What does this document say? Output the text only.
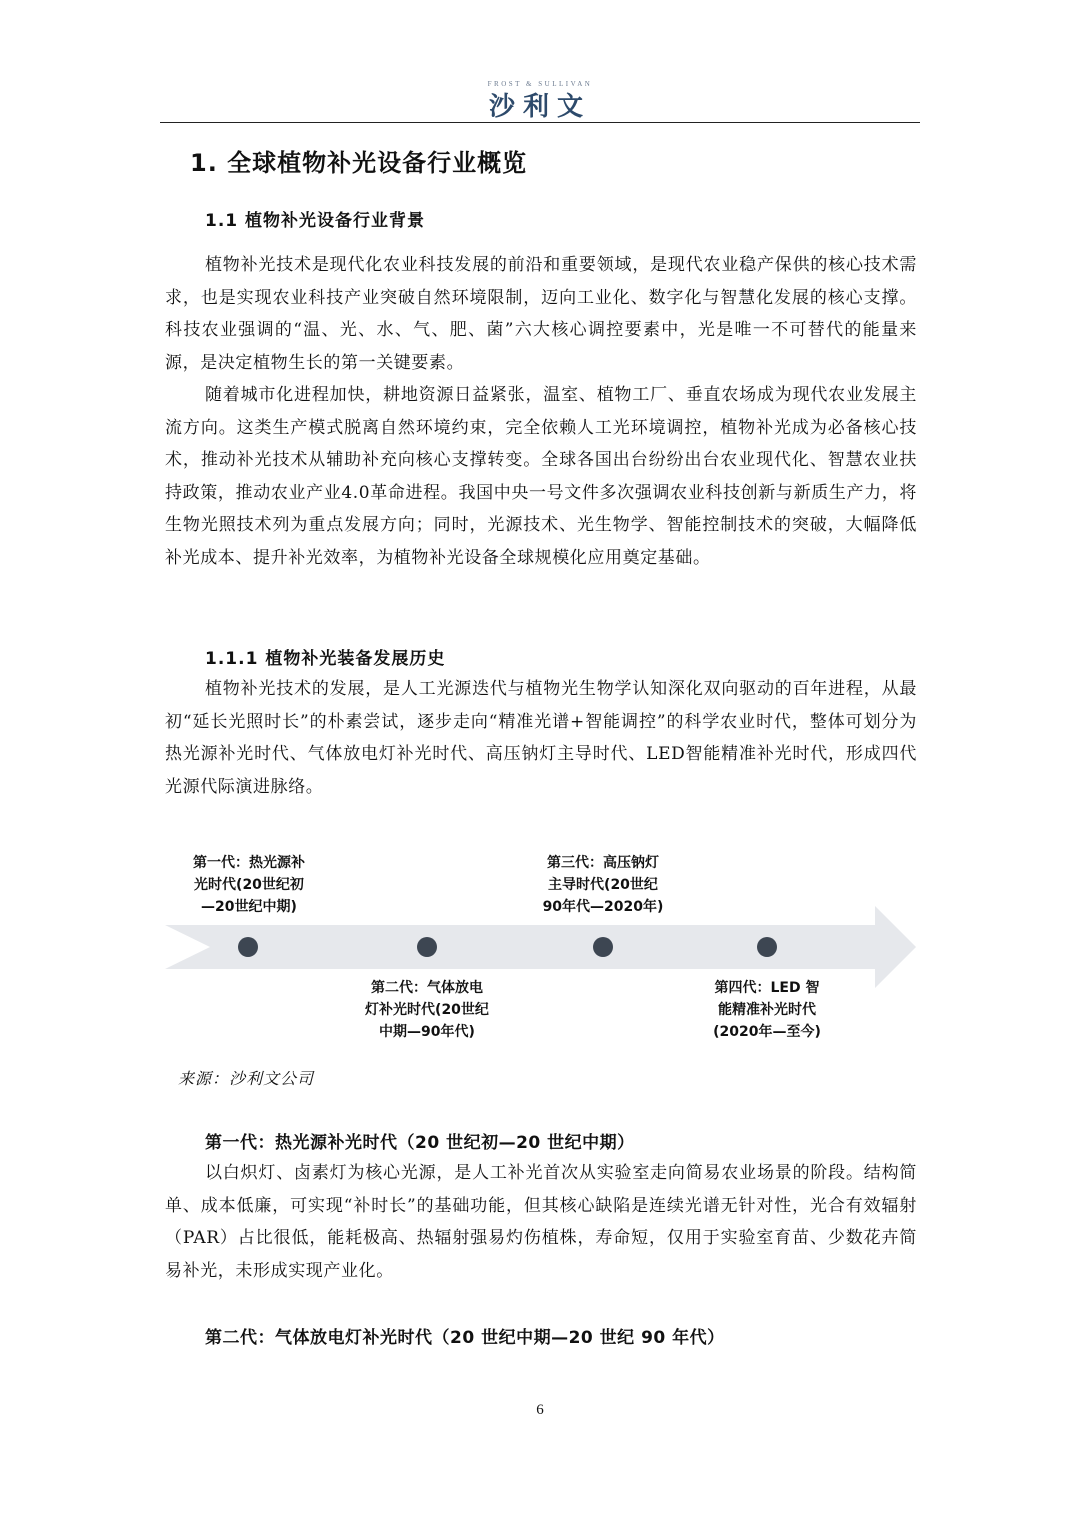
FROST & SULLIVAN
沙利文
1. 全球植物补光设备行业概览
1.1 植物补光设备行业背景

植物补光技术是现代化农业科技发展的前沿和重要领域，是现代农业稳产保供的核心技术需求，也是实现农业科技产业突破自然环境限制，迈向工业化、数字化与智慧化发展的核心支撑。科技农业强调的“温、光、水、气、肥、菌”六大核心调控要素中，光是唯一不可替代的能量来源，是决定植物生长的第一关键要素。

随着城市化进程加快，耕地资源日益紧张，温室、植物工厂、垂直农场成为现代农业发展主流方向。这类生产模式脱离自然环境约束，完全依赖人工光环境调控，植物补光成为必备核心技术，推动补光技术从辅助补充向核心支撑转变。全球各国出台纷纷出台农业现代化、智慧农业扶持政策，推动农业产业4.0革命进程。我国中央一号文件多次强调农业科技创新与新质生产力，将生物光照技术列为重点发展方向；同时，光源技术、光生物学、智能控制技术的突破，大幅降低补光成本、提升补光效率，为植物补光设备全球规模化应用奠定基础。

1.1.1 植物补光装备发展历史

植物补光技术的发展，是人工光源迭代与植物光生物学认知深化双向驱动的百年进程，从最初“延长光照时长”的朴素尝试，逐步走向“精准光谱+智能调控”的科学农业时代，整体可划分为热光源补光时代、气体放电灯补光时代、高压钠灯主导时代、LED智能精准补光时代，形成四代光源代际演进脉络。

第一代：热光源补
光时代(20世纪初
—20世纪中期)
第二代：气体放电
灯补光时代(20世纪
中期—90年代)
第三代：高压钠灯
主导时代(20世纪
90年代—2020年)
第四代：LED 智
能精准补光时代
(2020年—至今)
来源：沙利文公司
第一代：热光源补光时代（20 世纪初—20 世纪中期）

以白炽灯、卤素灯为核心光源，是人工补光首次从实验室走向简易农业场景的阶段。结构简单、成本低廉，可实现“补时长”的基础功能，但其核心缺陷是连续光谱无针对性，光合有效辐射（PAR）占比很低，能耗极高、热辐射强易灼伤植株，寿命短，仅用于实验室育苗、少数花卉简易补光，未形成实现产业化。

第二代：气体放电灯补光时代（20 世纪中期—20 世纪 90 年代）
6
